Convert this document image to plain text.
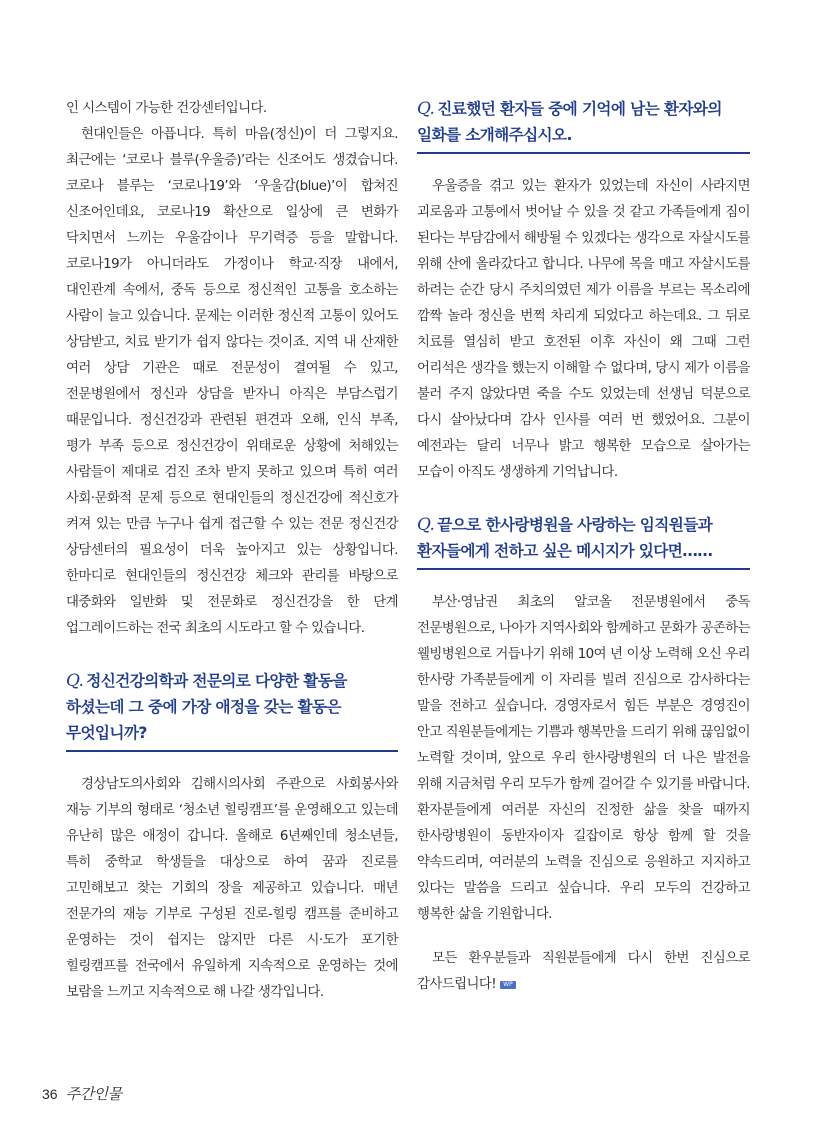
인 시스템이 가능한 건강센터입니다.

현대인들은 아픕니다. 특히 마음(정신)이 더 그렇지요. 최근에는 ‘코로나 블루(우울증)’라는 신조어도 생겼습니다. 코로나 블루는 ‘코로나19’와 ‘우울감(blue)’이 합쳐진 신조어인데요, 코로나19 확산으로 일상에 큰 변화가 닥치면서 느끼는 우울감이나 무기력증 등을 말합니다. 코로나19가 아니더라도 가정이나 학교·직장 내에서, 대인관계 속에서, 중독 등으로 정신적인 고통을 호소하는 사람이 늘고 있습니다. 문제는 이러한 정신적 고통이 있어도 상담받고, 치료 받기가 쉽지 않다는 것이죠. 지역 내 산재한 여러 상담 기관은 때로 전문성이 결여될 수 있고, 전문병원에서 정신과 상담을 받자니 아직은 부담스럽기 때문입니다. 정신건강과 관련된 편견과 오해, 인식 부족, 평가 부족 등으로 정신건강이 위태로운 상황에 처해있는 사람들이 제대로 검진 조차 받지 못하고 있으며 특히 여러 사회·문화적 문제 등으로 현대인들의 정신건강에 적신호가 켜져 있는 만큼 누구나 쉽게 접근할 수 있는 전문 정신건강 상담센터의 필요성이 더욱 높아지고 있는 상황입니다. 한마디로 현대인들의 정신건강 체크와 관리를 바탕으로 대중화와 일반화 및 전문화로 정신건강을 한 단계 업그레이드하는 전국 최초의 시도라고 할 수 있습니다.

Q. 정신건강의학과 전문의로 다양한 활동을 하셨는데 그 중에 가장 애정을 갖는 활동은 무엇입니까?

경상남도의사회와 김해시의사회 주관으로 사회봉사와 재능 기부의 형태로 ‘청소년 힐링캠프’를 운영해오고 있는데 유난히 많은 애정이 갑니다. 올해로 6년째인데 청소년들, 특히 중학교 학생들을 대상으로 하여 꿈과 진로를 고민해보고 찾는 기회의 장을 제공하고 있습니다. 매년 전문가의 재능 기부로 구성된 진로-힐링 캠프를 준비하고 운영하는 것이 쉽지는 않지만 다른 시·도가 포기한 힐링캠프를 전국에서 유일하게 지속적으로 운영하는 것에 보람을 느끼고 지속적으로 해 나갈 생각입니다.

Q. 진료했던 환자들 중에 기억에 남는 환자와의 일화를 소개해주십시오.

우울증을 겪고 있는 환자가 있었는데 자신이 사라지면 괴로움과 고통에서 벗어날 수 있을 것 같고 가족들에게 짐이 된다는 부담감에서 해방될 수 있겠다는 생각으로 자살시도를 위해 산에 올라갔다고 합니다. 나무에 목을 매고 자살시도를 하려는 순간 당시 주치의였던 제가 이름을 부르는 목소리에 깜짝 놀라 정신을 번쩍 차리게 되었다고 하는데요. 그 뒤로 치료를 열심히 받고 호전된 이후 자신이 왜 그때 그런 어리석은 생각을 했는지 이해할 수 없다며, 당시 제가 이름을 불러 주지 않았다면 죽을 수도 있었는데 선생님 덕분으로 다시 살아났다며 감사 인사를 여러 번 했었어요. 그분이 예전과는 달리 너무나 밝고 행복한 모습으로 살아가는 모습이 아직도 생생하게 기억납니다.

Q. 끝으로 한사랑병원을 사랑하는 임직원들과 환자들에게 전하고 싶은 메시지가 있다면……

부산·영남권 최초의 알코올 전문병원에서 중독 전문병원으로, 나아가 지역사회와 함께하고 문화가 공존하는 웰빙병원으로 거듭나기 위해 10여 년 이상 노력해 오신 우리 한사랑 가족분들에게 이 자리를 빌려 진심으로 감사하다는 말을 전하고 싶습니다. 경영자로서 힘든 부분은 경영진이 안고 직원분들에게는 기쁨과 행복만을 드리기 위해 끊임없이 노력할 것이며, 앞으로 우리 한사랑병원의 더 나은 발전을 위해 지금처럼 우리 모두가 함께 걸어갈 수 있기를 바랍니다. 환자분들에게 여러분 자신의 진정한 삶을 찾을 때까지 한사랑병원이 동반자이자 길잡이로 항상 함께 할 것을 약속드리며, 여러분의 노력을 진심으로 응원하고 지지하고 있다는 말씀을 드리고 싶습니다. 우리 모두의 건강하고 행복한 삶을 기원합니다.

모든 환우분들과 직원분들에게 다시 한번 진심으로 감사드립니다! WP

36 주간인물
